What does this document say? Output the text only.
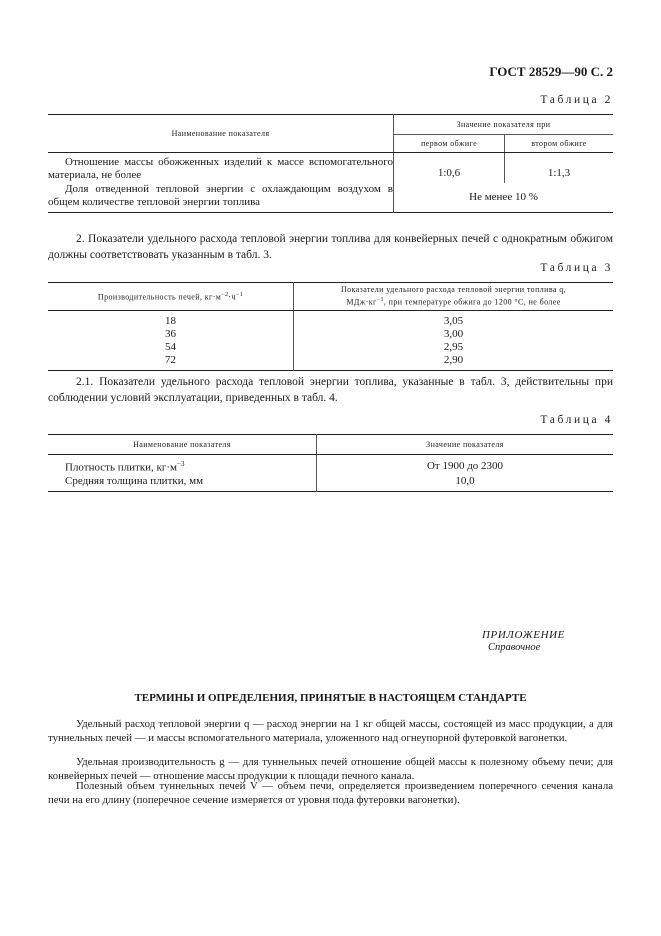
ГОСТ 28529—90 С. 2
Таблица 2
Наименование показателя	Значение показателя при	
	первом обжиге	втором обжиге
Отношение массы обожженных изделий к массе вспомогательного материала, не более	1:0,6	1:1,3
Доля отведенной тепловой энергии с охлаждающим воздухом в общем количестве тепловой энергии топлива	Не менее 10 %	
2. Показатели удельного расхода тепловой энергии топлива для конвейерных печей с однократным обжигом должны соответствовать указанным в табл. 3.
Таблица 3
Производительность печей, $кг\cdot м^{-2}\cdot ч^{-1}$	Показатели удельного расхода тепловой энергии топлива q,
$МДж\cdot кг^{-1}$, при температуре обжига до 1200 °С, не более

18	3,05
36	3,00
54	2,95
72	2,90
2.1. Показатели удельного расхода тепловой энергии топлива, указанные в табл. 3, действительны при соблюдении условий эксплуатации, приведенных в табл. 4.
Таблица 4
Наименование показателя	Значение показателя
Плотность плитки, $кг\cdot м^{-3}$	От 1900 до 2300
Средняя толщина плитки, мм	10,0
ПРИЛОЖЕНИЕ
Справочное
ТЕРМИНЫ И ОПРЕДЕЛЕНИЯ, ПРИНЯТЫЕ В НАСТОЯЩЕМ СТАНДАРТЕ
Удельный расход тепловой энергии q — расход энергии на 1 кг общей массы, состоящей из масс продукции, а для туннельных печей — и массы вспомогательного материала, уложенного над огнеупорной футеровкой вагонетки.
Удельная производительность g — для туннельных печей отношение общей массы к полезному объему печи; для конвейерных печей — отношение массы продукции к площади печного канала.
Полезный объем туннельных печей V — объем печи, определяется произведением поперечного сечения канала печи на его длину (поперечное сечение измеряется от уровня пода футеровки вагонетки).
